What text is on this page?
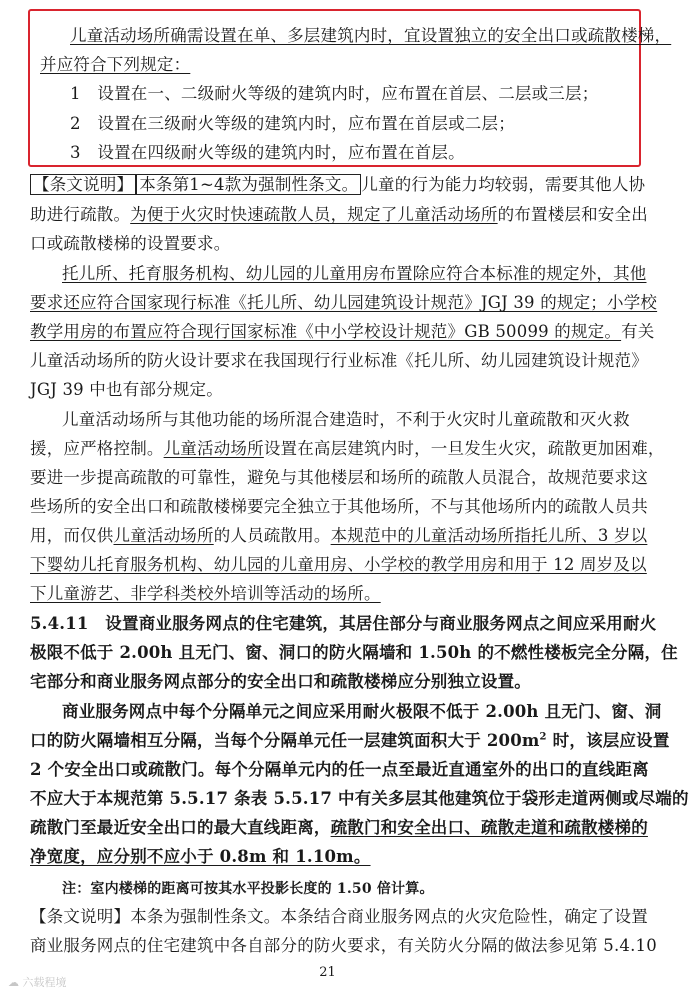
儿童活动场所确需设置在单、多层建筑内时，宜设置独立的安全出口或疏散楼梯，
并应符合下列规定：
1　设置在一、二级耐火等级的建筑内时，应布置在首层、二层或三层；
2　设置在三级耐火等级的建筑内时，应布置在首层或二层；
3　设置在四级耐火等级的建筑内时，应布置在首层。
【条文说明】 本条第1~4款为强制性条文。 儿童的行为能力均较弱，需要其他人协
助进行疏散。为便于火灾时快速疏散人员，规定了儿童活动场所的布置楼层和安全出
口或疏散楼梯的设置要求。
托儿所、托育服务机构、幼儿园的儿童用房布置除应符合本标准的规定外，其他
要求还应符合国家现行标准《托儿所、幼儿园建筑设计规范》JGJ 39 的规定；小学校
教学用房的布置应符合现行国家标准《中小学校设计规范》GB 50099 的规定。有关
儿童活动场所的防火设计要求在我国现行行业标准《托儿所、幼儿园建筑设计规范》
JGJ 39 中也有部分规定。
儿童活动场所与其他功能的场所混合建造时，不利于火灾时儿童疏散和灭火救
援，应严格控制。儿童活动场所设置在高层建筑内时，一旦发生火灾，疏散更加困难，
要进一步提高疏散的可靠性，避免与其他楼层和场所的疏散人员混合，故规范要求这
些场所的安全出口和疏散楼梯要完全独立于其他场所，不与其他场所内的疏散人员共
用，而仅供儿童活动场所的人员疏散用。本规范中的儿童活动场所指托儿所、3 岁以
下婴幼儿托育服务机构、幼儿园的儿童用房、小学校的教学用房和用于 12 周岁及以
下儿童游艺、非学科类校外培训等活动的场所。
5.4.11　设置商业服务网点的住宅建筑，其居住部分与商业服务网点之间应采用耐火
极限不低于 2.00h 且无门、窗、洞口的防火隔墙和 1.50h 的不燃性楼板完全分隔，住
宅部分和商业服务网点部分的安全出口和疏散楼梯应分别独立设置。
商业服务网点中每个分隔单元之间应采用耐火极限不低于 2.00h 且无门、窗、洞
口的防火隔墙相互分隔，当每个分隔单元任一层建筑面积大于 $200m^2$ 时，该层应设置
2 个安全出口或疏散门。每个分隔单元内的任一点至最近直通室外的出口的直线距离
不应大于本规范第 5.5.17 条表 5.5.17 中有关多层其他建筑位于袋形走道两侧或尽端的
疏散门至最近安全出口的最大直线距离，疏散门和安全出口、疏散走道和疏散楼梯的
净宽度，应分别不应小于 0.8m 和 1.10m。
注：室内楼梯的距离可按其水平投影长度的 1.50 倍计算。
【条文说明】本条为强制性条文。本条结合商业服务网点的火灾危险性，确定了设置
商业服务网点的住宅建筑中各自部分的防火要求，有关防火分隔的做法参见第 5.4.10
21
☁ 六载程境
